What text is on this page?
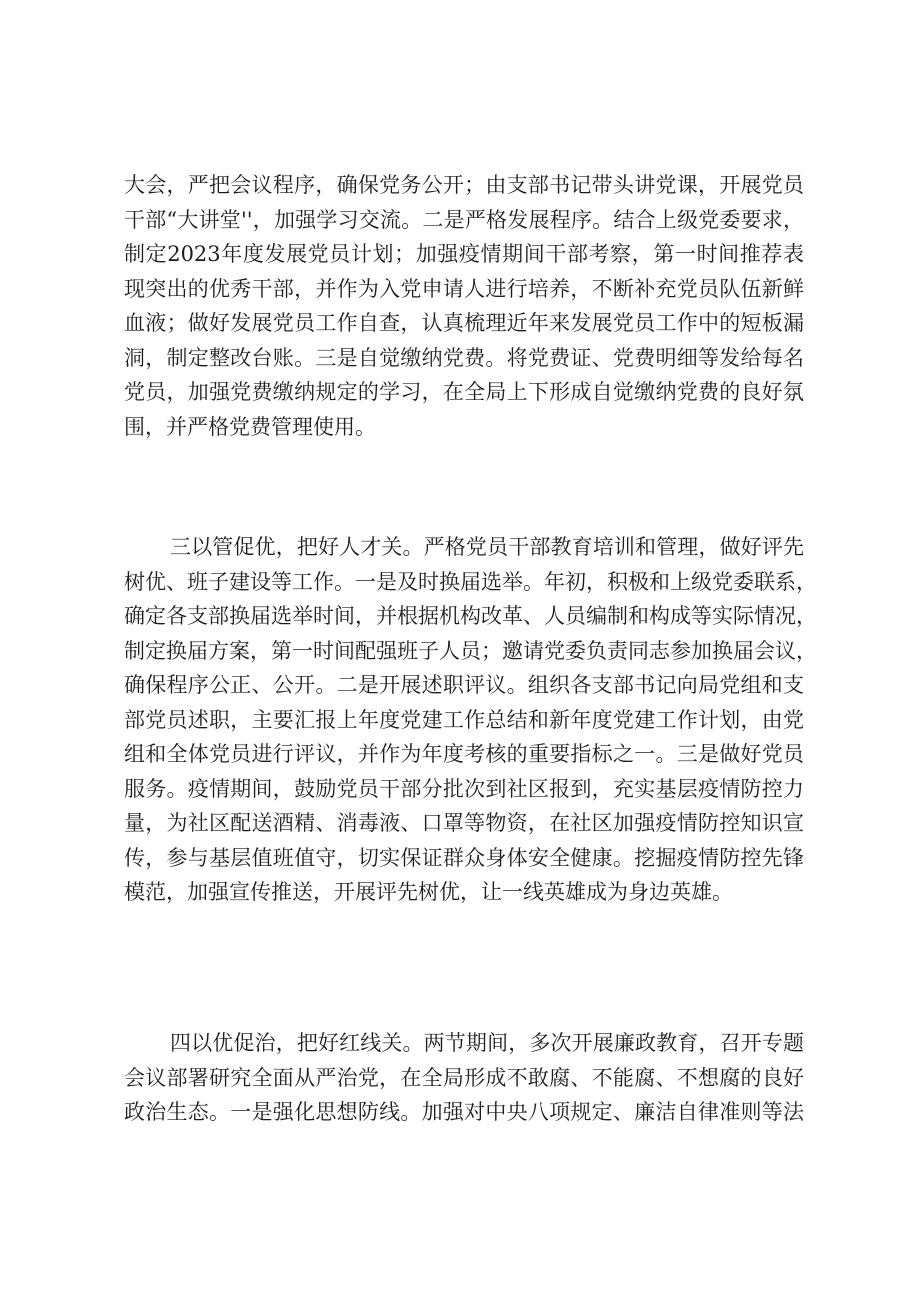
大会，严把会议程序，确保党务公开；由支部书记带头讲党课，开展党员
干部“大讲堂''，加强学习交流。二是严格发展程序。结合上级党委要求，
制定2023年度发展党员计划；加强疫情期间干部考察，第一时间推荐表
现突出的优秀干部，并作为入党申请人进行培养，不断补充党员队伍新鲜
血液；做好发展党员工作自查，认真梳理近年来发展党员工作中的短板漏
洞，制定整改台账。三是自觉缴纳党费。将党费证、党费明细等发给每名
党员，加强党费缴纳规定的学习，在全局上下形成自觉缴纳党费的良好氛
围，并严格党费管理使用。
三以管促优，把好人才关。严格党员干部教育培训和管理，做好评先
树优、班子建设等工作。一是及时换届选举。年初，积极和上级党委联系，
确定各支部换届选举时间，并根据机构改革、人员编制和构成等实际情况，
制定换届方案，第一时间配强班子人员；邀请党委负责同志参加换届会议，
确保程序公正、公开。二是开展述职评议。组织各支部书记向局党组和支
部党员述职，主要汇报上年度党建工作总结和新年度党建工作计划，由党
组和全体党员进行评议，并作为年度考核的重要指标之一。三是做好党员
服务。疫情期间，鼓励党员干部分批次到社区报到，充实基层疫情防控力
量，为社区配送酒精、消毒液、口罩等物资，在社区加强疫情防控知识宣
传，参与基层值班值守，切实保证群众身体安全健康。挖掘疫情防控先锋
模范，加强宣传推送，开展评先树优，让一线英雄成为身边英雄。
四以优促治，把好红线关。两节期间，多次开展廉政教育，召开专题
会议部署研究全面从严治党，在全局形成不敢腐、不能腐、不想腐的良好
政治生态。一是强化思想防线。加强对中央八项规定、廉洁自律准则等法
